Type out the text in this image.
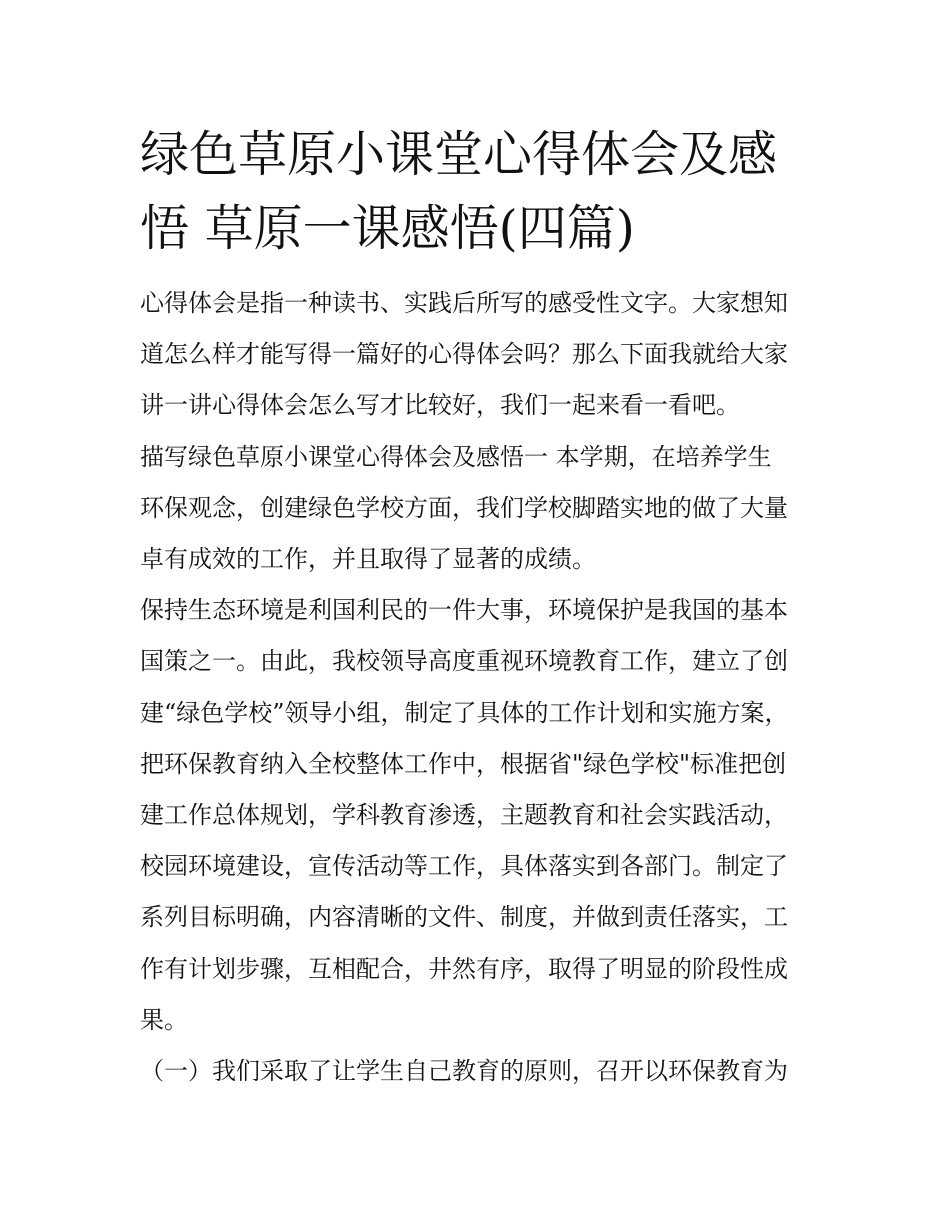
绿色草原小课堂心得体会及感
悟 草原一课感悟(四篇)

心得体会是指一种读书、实践后所写的感受性文字。大家想知
道怎么样才能写得一篇好的心得体会吗？那么下面我就给大家
讲一讲心得体会怎么写才比较好，我们一起来看一看吧。

描写绿色草原小课堂心得体会及感悟一 本学期，在培养学生
环保观念，创建绿色学校方面，我们学校脚踏实地的做了大量
卓有成效的工作，并且取得了显著的成绩。

保持生态环境是利国利民的一件大事，环境保护是我国的基本
国策之一。由此，我校领导高度重视环境教育工作，建立了创
建“绿色学校”领导小组，制定了具体的工作计划和实施方案，
把环保教育纳入全校整体工作中，根据省"绿色学校"标准把创
建工作总体规划，学科教育渗透，主题教育和社会实践活动，
校园环境建设，宣传活动等工作，具体落实到各部门。制定了
系列目标明确，内容清晰的文件、制度，并做到责任落实，工
作有计划步骤，互相配合，井然有序，取得了明显的阶段性成
果。

（一）我们采取了让学生自己教育的原则，召开以环保教育为
